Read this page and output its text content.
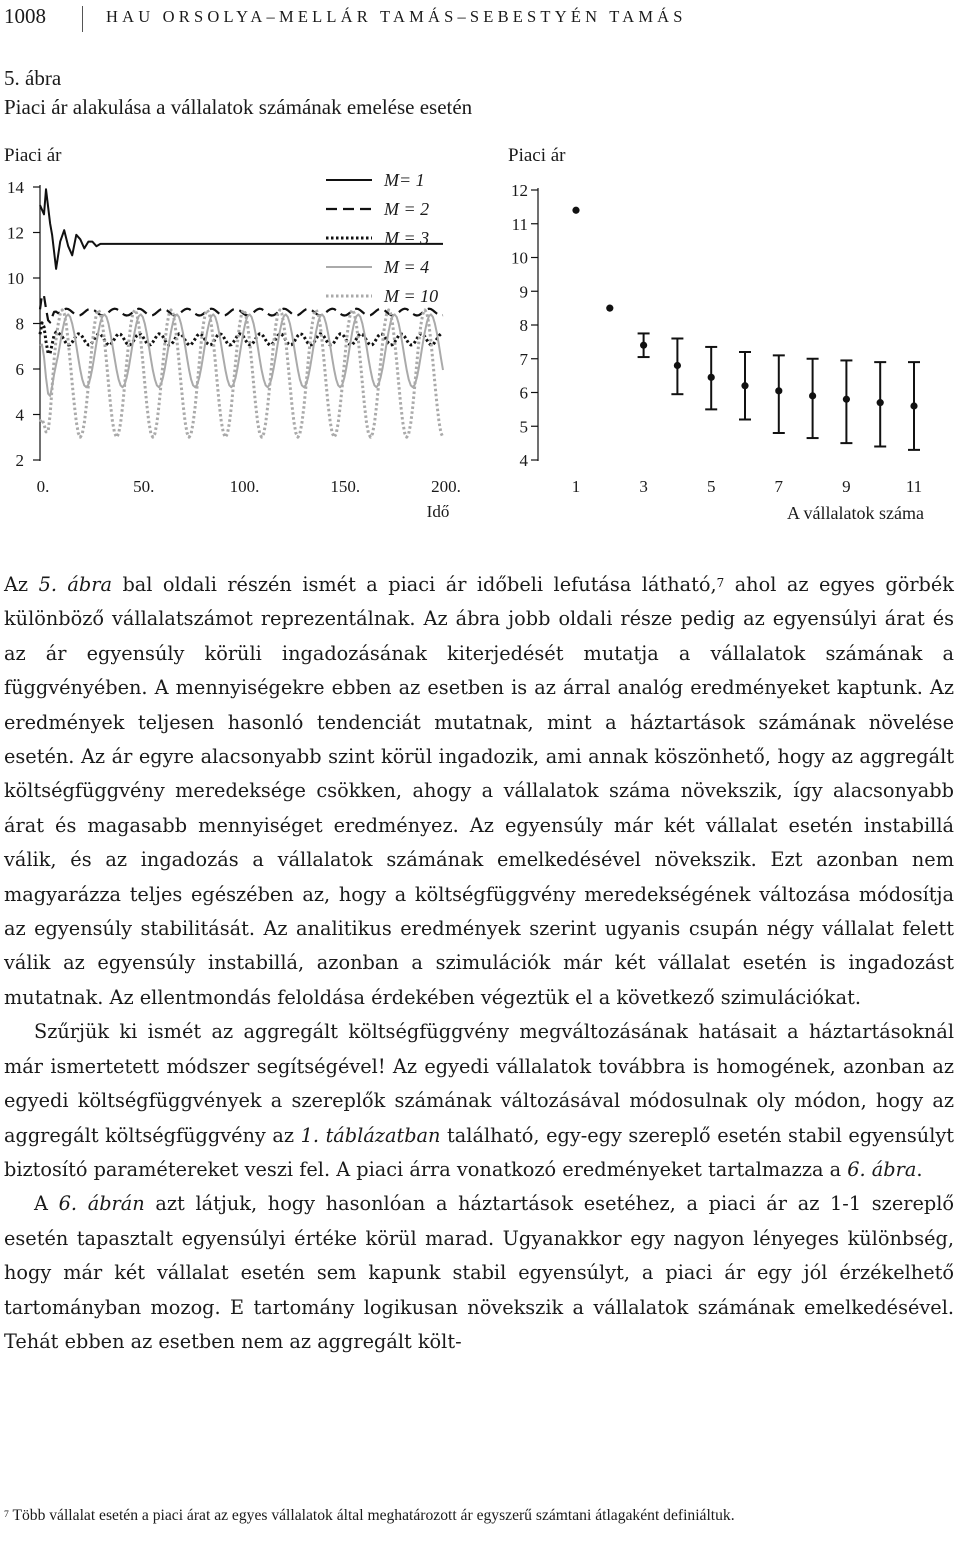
1008	HAU ORSOLYA–MELLÁR TAMÁS–SEBESTYÉN TAMÁS
5. ábra
Piaci ár alakulása a vállalatok számának emelése esetén
Piaci ár
2
4
6
8
10
12
14
0.	50.	100.	150.	200.
Idő
M= 1
M = 2
M = 3
M = 4
M = 10
Piaci ár
4
5
6
7
8
9
10
11
12
1	3	5	7	9	11
A vállalatok száma

Az 5. ábra bal oldali részén ismét a piaci ár időbeli lefutása látható,$^7$ ahol az egyes görbék különböző vállalatszámot reprezentálnak. Az ábra jobb oldali része pedig az egyensúlyi árat és az ár egyensúly körüli ingadozásának kiterjedését mutatja a vállalatok számának a függvényében. A mennyiségekre ebben az esetben is az árral analóg eredményeket kaptunk. Az eredmények teljesen hasonló tendenciát mutatnak, mint a háztartások számának növelése esetén. Az ár egyre alacsonyabb szint körül ingadozik, ami annak köszönhető, hogy az aggregált költségfüggvény meredeksége csökken, ahogy a vállalatok száma növekszik, így alacsonyabb árat és magasabb mennyiséget eredményez. Az egyensúly már két vállalat esetén instabillá válik, és az ingadozás a vállalatok számának emelkedésével növekszik. Ezt azonban nem magyarázza teljes egészében az, hogy a költségfüggvény meredekségének változása módosítja az egyensúly stabilitását. Az analitikus eredmények szerint ugyanis csupán négy vállalat felett válik az egyensúly instabillá, azonban a szimulációk már két vállalat esetén is ingadozást mutatnak. Az ellentmondás feloldása érdekében végeztük el a következő szimulációkat.

Szűrjük ki ismét az aggregált költségfüggvény megváltozásának hatásait a háztartásoknál már ismertetett módszer segítségével! Az egyedi vállalatok továbbra is homogének, azonban az egyedi költségfüggvények a szereplők számának változásával módosulnak oly módon, hogy az aggregált költségfüggvény az 1. táblázatban található, egy-egy szereplő esetén stabil egyensúlyt biztosító paramétereket veszi fel. A piaci árra vonatkozó eredményeket tartalmazza a 6. ábra.

A 6. ábrán azt látjuk, hogy hasonlóan a háztartások esetéhez, a piaci ár az 1-1 szereplő esetén tapasztalt egyensúlyi értéke körül marad. Ugyanakkor egy nagyon lényeges különbség, hogy már két vállalat esetén sem kapunk stabil egyensúlyt, a piaci ár egy jól érzékelhető tartományban mozog. E tartomány logikusan növekszik a vállalatok számának emelkedésével. Tehát ebben az esetben nem az aggregált költ-

$^7$ Több vállalat esetén a piaci árat az egyes vállalatok által meghatározott ár egyszerű számtani átlagaként definiáltuk.
